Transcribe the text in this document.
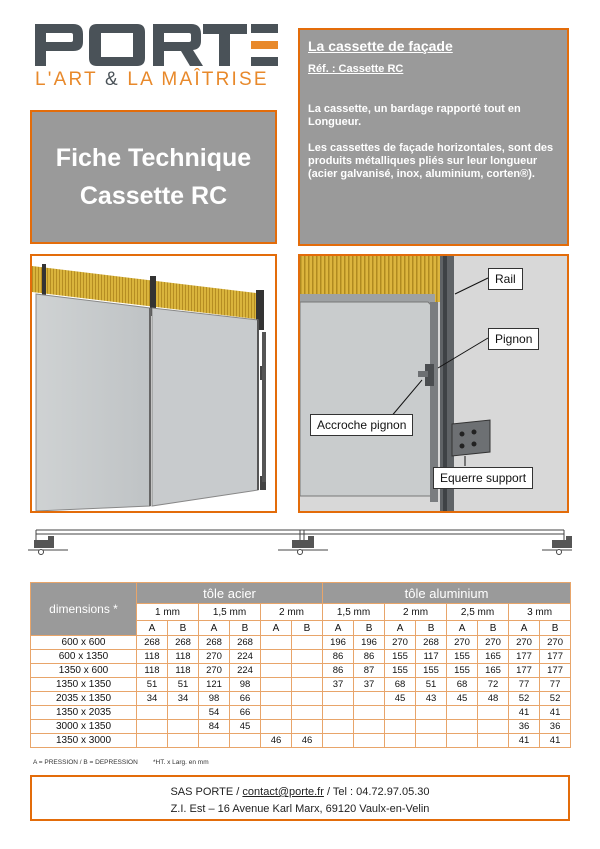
L'ART & LA MAÎTRISE
Fiche Technique
Cassette RC
La cassette de façade
Réf. : Cassette RC
La cassette, un bardage rapporté tout en Longueur.
Les cassettes de façade horizontales, sont des produits métalliques pliés sur leur longueur (acier galvanisé, inox, aluminium, corten®).
Rail
Pignon
Accroche pignon
Equerre support
dimensions *	tôle acier						tôle aluminium							
	1 mm		1,5 mm		2 mm		1,5 mm		2 mm		2,5 mm		3 mm	
	A	B	A	B	A	B	A	B	A	B	A	B	A	B
600 x 600	268	268	268	268			196	196	270	268	270	270	270	270
600 x 1350	118	118	270	224			86	86	155	117	155	165	177	177
1350 x 600	118	118	270	224			86	87	155	155	155	165	177	177
1350 x 1350	51	51	121	98			37	37	68	51	68	72	77	77
2035 x 1350	34	34	98	66					45	43	45	48	52	52
1350 x 2035			54	66									41	41
3000 x 1350			84	45									36	36
1350 x 3000					46	46							41	41
A = PRESSION / B = DEPRESSION *HT. x Larg. en mm
SAS PORTE / contact@porte.fr / Tel : 04.72.97.05.30
Z.I. Est – 16 Avenue Karl Marx, 69120 Vaulx-en-Velin
